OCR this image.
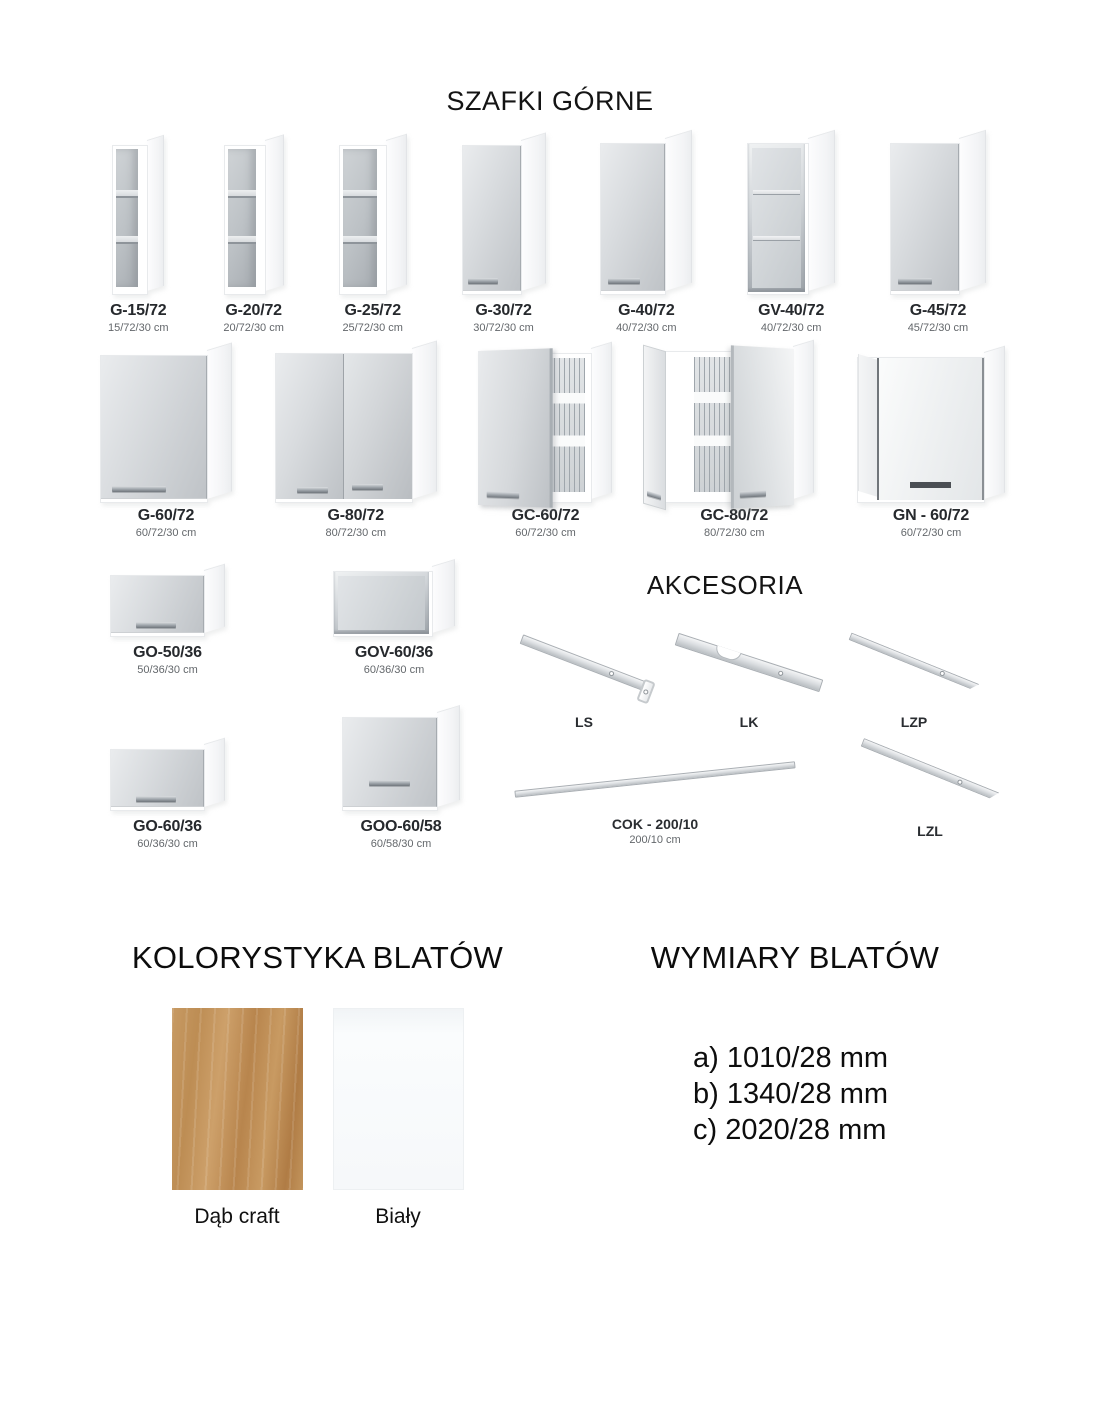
SZAFKI GÓRNE
G-15/72
15/72/30 cm
G-20/72
20/72/30 cm
G-25/72
25/72/30 cm
G-30/72
30/72/30 cm
G-40/72
40/72/30 cm
GV-40/72
40/72/30 cm
G-45/72
45/72/30 cm
G-60/72
60/72/30 cm
G-80/72
80/72/30 cm
GC-60/72
60/72/30 cm
GC-80/72
80/72/30 cm
GN - 60/72
60/72/30 cm
GO-50/36
50/36/30 cm
GOV-60/36
60/36/30 cm
GO-60/36
60/36/30 cm
GOO-60/58
60/58/30 cm
AKCESORIA
LS	LK	LZP
COK - 200/10
200/10 cm
LZL
KOLORYSTYKA BLATÓW
Dąb craft	Biały
WYMIARY BLATÓW
a) 1010/28 mm
b) 1340/28 mm
c) 2020/28 mm
